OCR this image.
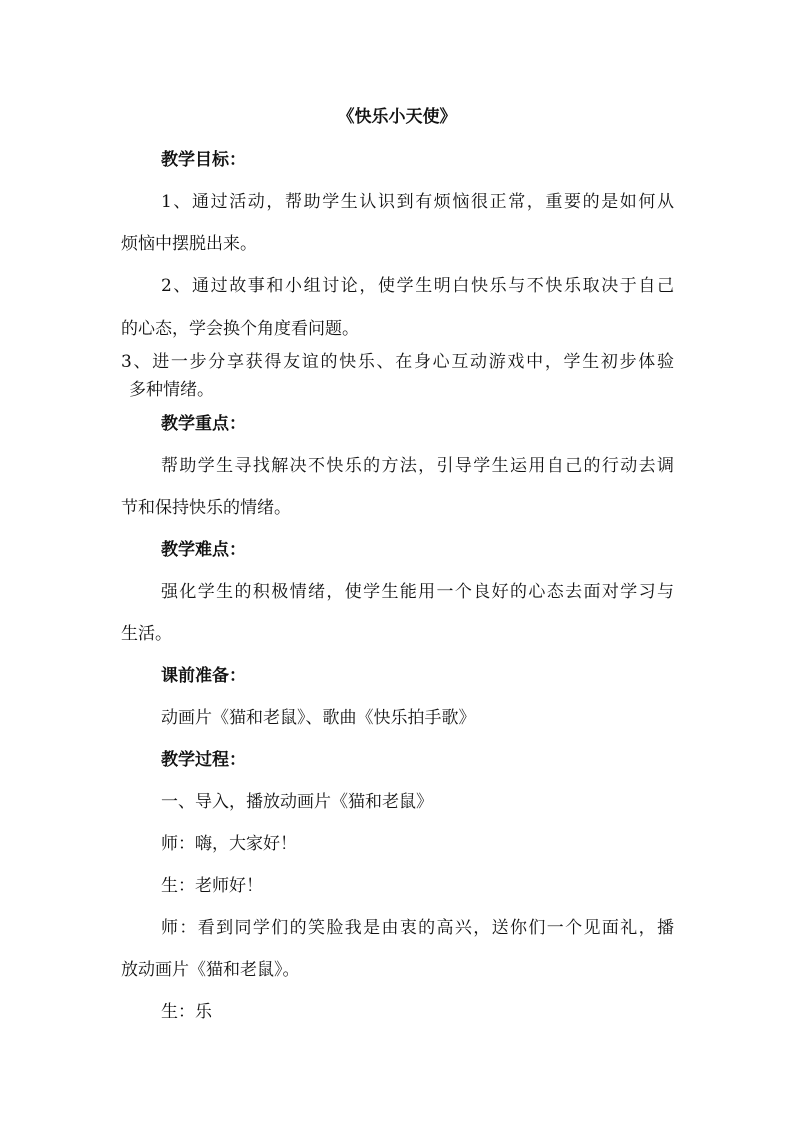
《快乐小天使》
教学目标：
1、通过活动，帮助学生认识到有烦恼很正常，重要的是如何从
烦恼中摆脱出来。
2、通过故事和小组讨论，使学生明白快乐与不快乐取决于自己
的心态，学会换个角度看问题。
3、进一步分享获得友谊的快乐、在身心互动游戏中，学生初步体验
多种情绪。
教学重点：
帮助学生寻找解决不快乐的方法，引导学生运用自己的行动去调
节和保持快乐的情绪。
教学难点：
强化学生的积极情绪，使学生能用一个良好的心态去面对学习与
生活。
课前准备：
动画片《猫和老鼠》、歌曲《快乐拍手歌》
教学过程：
一、导入，播放动画片《猫和老鼠》
师：嗨，大家好！
生：老师好！
师：看到同学们的笑脸我是由衷的高兴，送你们一个见面礼，播
放动画片《猫和老鼠》。
生：乐
